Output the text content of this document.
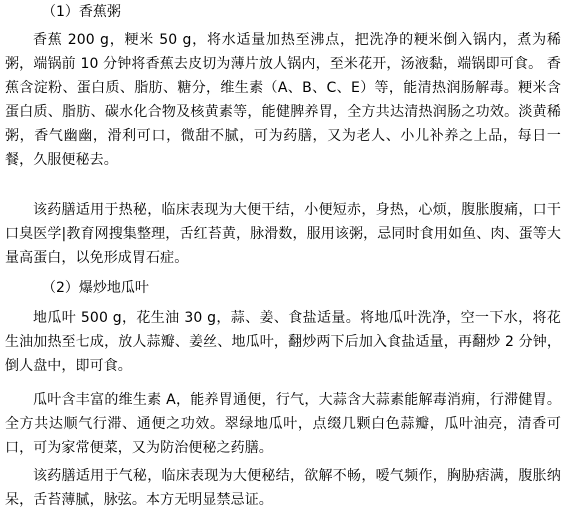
（1）香蕉粥

香蕉 200 g，粳米 50 g，将水适量加热至沸点，把洗净的粳米倒入锅内，煮为稀粥，端锅前 10 分钟将香蕉去皮切为薄片放人锅内，至米花开，汤液黏，端锅即可食。 香蕉含淀粉、蛋白质、脂肪、糖分，维生素（A、B、C、E）等，能清热润肠解毒。粳米含蛋白质、脂肪、碳水化合物及核黄素等，能健脾养胃，全方共达清热润肠之功效。淡黄稀粥，香气幽幽，滑利可口，微甜不腻，可为药膳，又为老人、小儿补养之上品，每日一餐，久服便秘去。

该药膳适用于热秘，临床表现为大便干结，小便短赤，身热，心烦，腹胀腹痛，口干口臭医学|教育网搜集整理，舌红苔黄，脉滑数，服用该粥，忌同时食用如鱼、肉、蛋等大量高蛋白，以免形成胃石症。

（2）爆炒地瓜叶

地瓜叶 500 g，花生油 30 g，蒜、姜、食盐适量。将地瓜叶洗净，空一下水，将花生油加热至七成，放人蒜瓣、姜丝、地瓜叶，翻炒两下后加入食盐适量，再翻炒 2 分钟，倒人盘中，即可食。

瓜叶含丰富的维生素 A，能养胃通便，行气，大蒜含大蒜素能解毒消痈，行滞健胃。全方共达顺气行滞、通便之功效。翠绿地瓜叶，点缀几颗白色蒜瓣，瓜叶油亮，清香可口，可为家常便菜，又为防治便秘之药膳。

该药膳适用于气秘，临床表现为大便秘结，欲解不畅，嗳气频作，胸胁痞满，腹胀纳呆，舌苔薄腻，脉弦。本方无明显禁忌证。
